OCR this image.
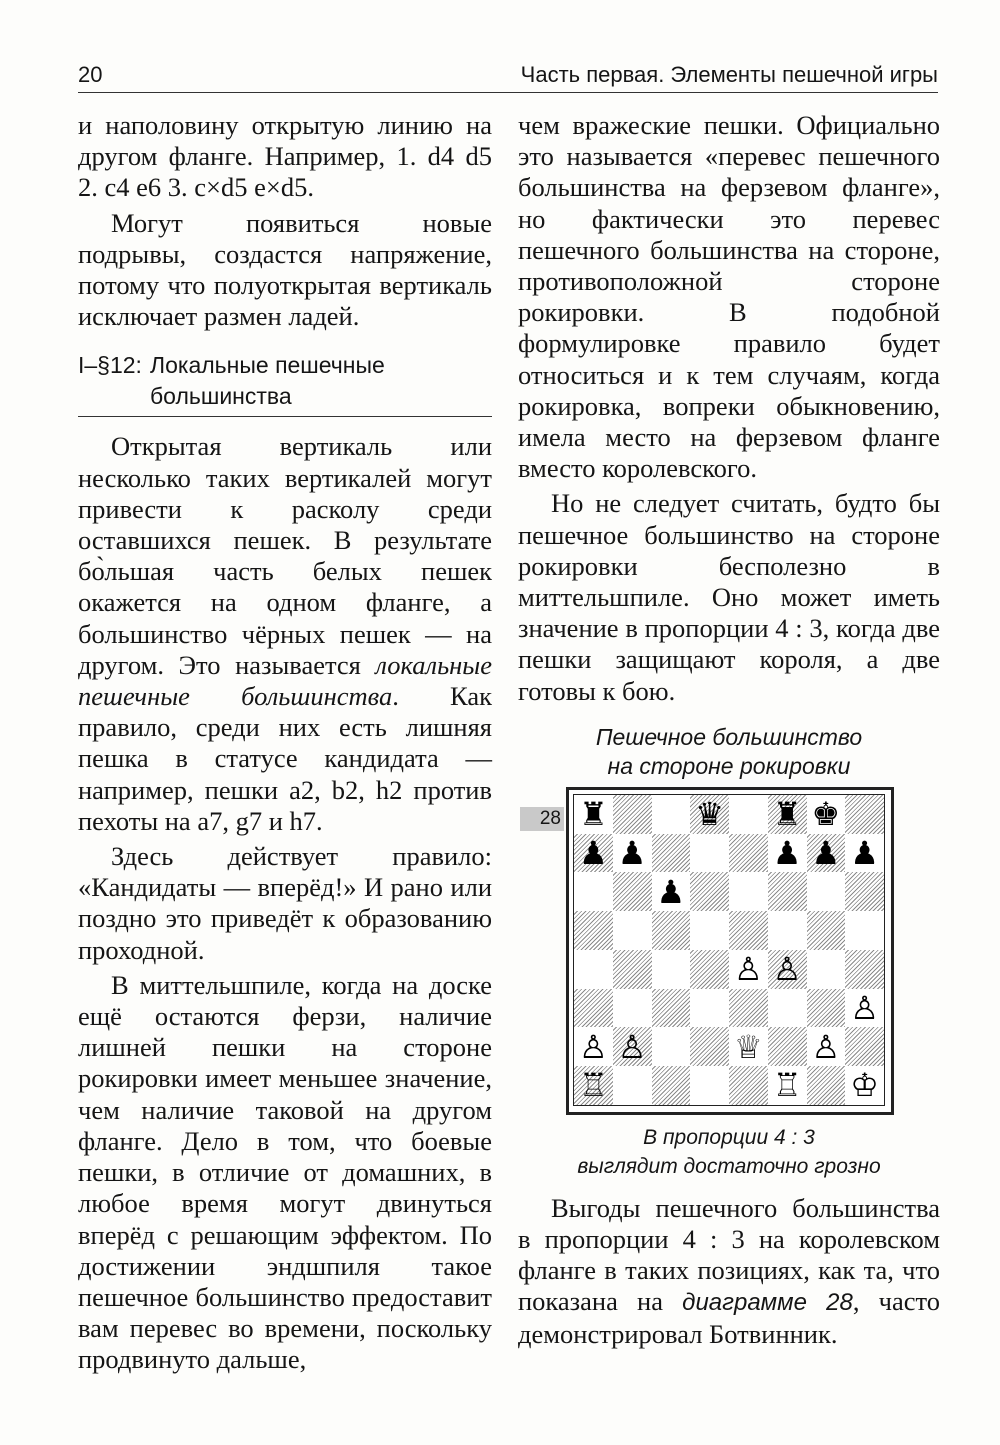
20	Часть первая. Элементы пешечной игры

и наполовину открытую линию на другом фланге. Например, 1. d4 d5 2. c4 e6 3. c×d5 e×d5.

Могут появиться новые подрывы, создастся напряжение, потому что полуоткрытая вертикаль исключает размен ладей.

I–§12: Локальные пешечные
большинства

Открытая вертикаль или несколько таких вертикалей могут привести к расколу среди оставшихся пешек. В результате бо̀льшая часть белых пешек окажется на одном фланге, а большинство чёрных пешек — на другом. Это называется локальные пешечные большинства. Как правило, среди них есть лишняя пешка в статусе кандидата — например, пешки a2, b2, h2 против пехоты на a7, g7 и h7.

Здесь действует правило: «Кандидаты — вперёд!» И рано или поздно это приведёт к образованию проходной.

В миттельшпиле, когда на доске ещё остаются ферзи, наличие лишней пешки на стороне рокировки имеет меньшее значение, чем наличие таковой на другом фланге. Дело в том, что боевые пешки, в отличие от домашних, в любое время могут двинуться вперёд с решающим эффектом. По достижении эндшпиля такое пешечное большинство предоставит вам перевес во времени, поскольку продвинуто дальше,

чем вражеские пешки. Официально это называется «перевес пешечного большинства на ферзевом фланге», но фактически это перевес пешечного большинства на стороне, противоположной стороне рокировки. В подобной формулировке правило будет относиться и к тем случаям, когда рокировка, вопреки обыкновению, имела место на ферзевом фланге вместо королевского.

Но не следует считать, будто бы пешечное большинство на стороне рокировки бесполезно в миттельшпиле. Оно может иметь значение в пропорции 4 : 3, когда две пешки защищают короля, а две готовы к бою.

Пешечное большинство
на стороне рокировки
28 ♜	♛ ♜ ♚
♟ ♟	♟ ♟ ♟
♟
♙ ♙
♙
♙ ♙	♕ ♙
♖	♖ ♔
В пропорции 4 : 3
выглядит достаточно грозно

Выгоды пешечного большинства в пропорции 4 : 3 на королевском фланге в таких позициях, как та, что показана на диаграмме 28, часто демонстрировал Ботвинник.
